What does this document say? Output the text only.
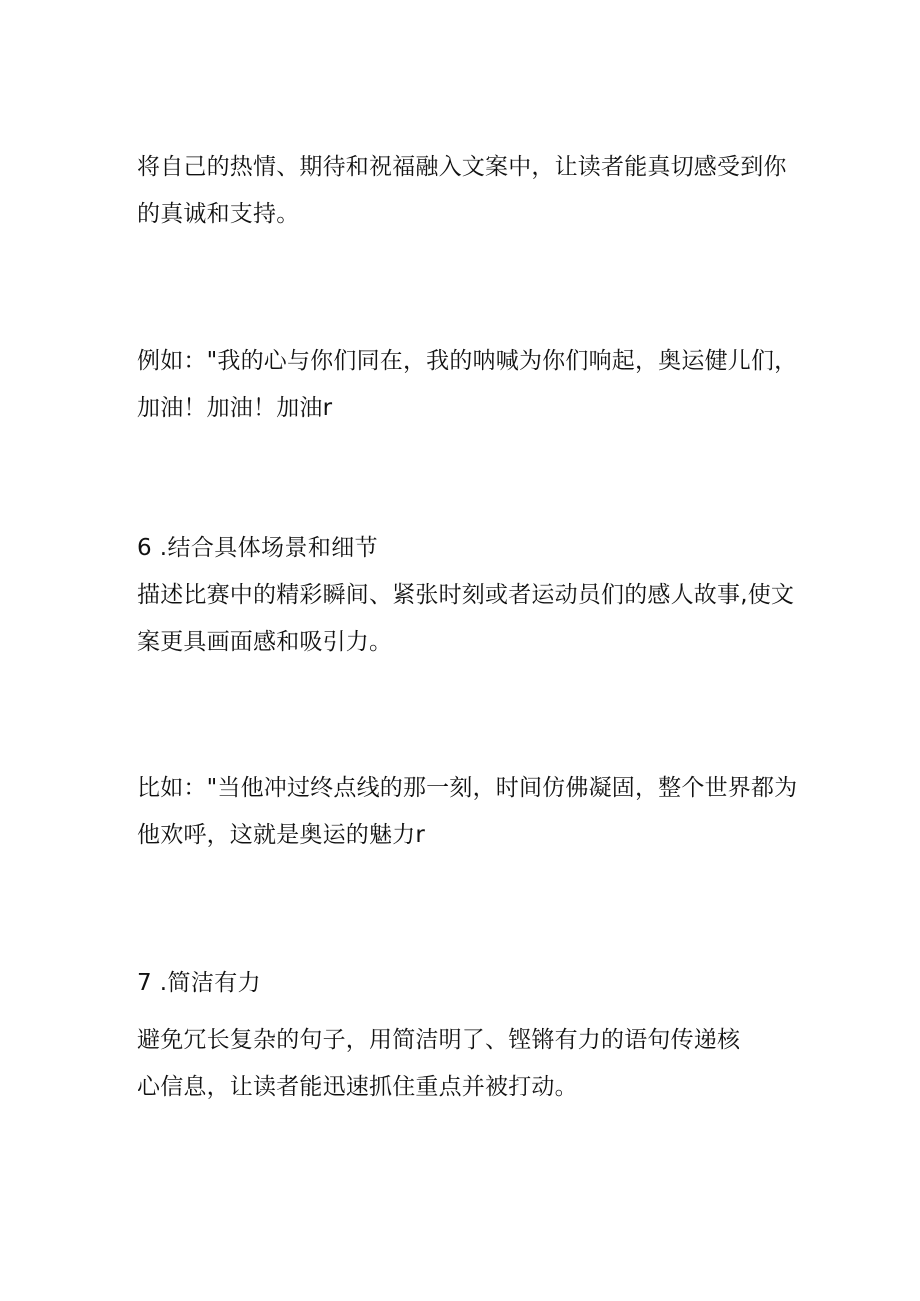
将自己的热情、期待和祝福融入文案中，让读者能真切感受到你

的真诚和支持。

例如："我的心与你们同在，我的呐喊为你们响起，奥运健儿们，

加油！加油！加油r

6 .结合具体场景和细节

描述比赛中的精彩瞬间、紧张时刻或者运动员们的感人故事,使文

案更具画面感和吸引力。

比如："当他冲过终点线的那一刻，时间仿佛凝固，整个世界都为

他欢呼，这就是奥运的魅力r

7 .简洁有力

避免冗长复杂的句子，用简洁明了、铿锵有力的语句传递核

心信息，让读者能迅速抓住重点并被打动。
